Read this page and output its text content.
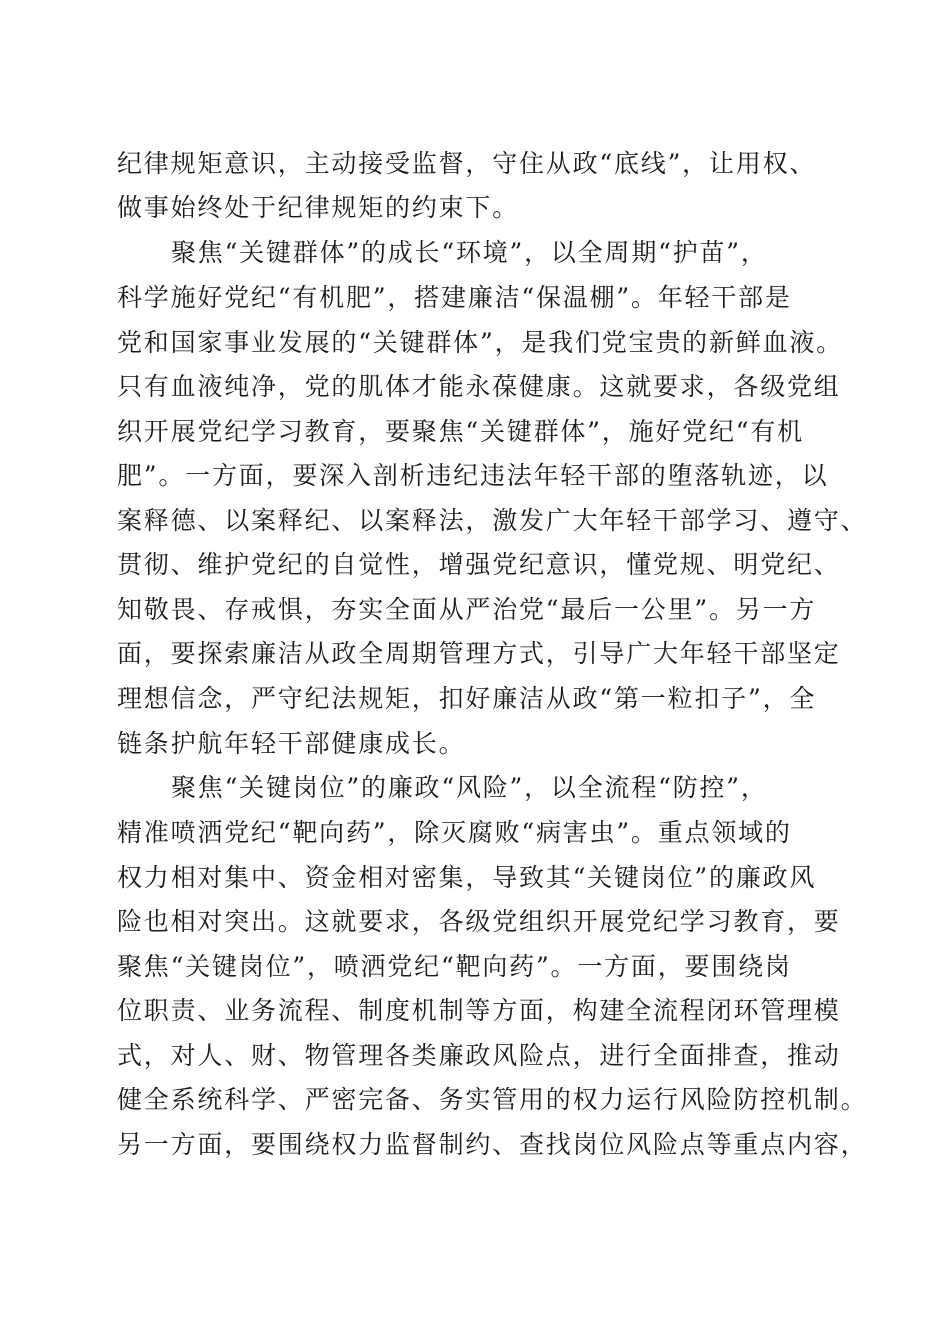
纪律规矩意识，主动接受监督，守住从政“底线”，让用权、
做事始终处于纪律规矩的约束下。
聚焦“关键群体”的成长“环境”，以全周期“护苗”，
科学施好党纪“有机肥”，搭建廉洁“保温棚”。年轻干部是
党和国家事业发展的“关键群体”，是我们党宝贵的新鲜血液。
只有血液纯净，党的肌体才能永葆健康。这就要求，各级党组
织开展党纪学习教育，要聚焦“关键群体”，施好党纪“有机
肥”。一方面，要深入剖析违纪违法年轻干部的堕落轨迹，以
案释德、以案释纪、以案释法，激发广大年轻干部学习、遵守、
贯彻、维护党纪的自觉性，增强党纪意识，懂党规、明党纪、
知敬畏、存戒惧，夯实全面从严治党“最后一公里”。另一方
面，要探索廉洁从政全周期管理方式，引导广大年轻干部坚定
理想信念，严守纪法规矩，扣好廉洁从政“第一粒扣子”，全
链条护航年轻干部健康成长。
聚焦“关键岗位”的廉政“风险”，以全流程“防控”，
精准喷洒党纪“靶向药”，除灭腐败“病害虫”。重点领域的
权力相对集中、资金相对密集，导致其“关键岗位”的廉政风
险也相对突出。这就要求，各级党组织开展党纪学习教育，要
聚焦“关键岗位”，喷洒党纪“靶向药”。一方面，要围绕岗
位职责、业务流程、制度机制等方面，构建全流程闭环管理模
式，对人、财、物管理各类廉政风险点，进行全面排查，推动
健全系统科学、严密完备、务实管用的权力运行风险防控机制。
另一方面，要围绕权力监督制约、查找岗位风险点等重点内容，
